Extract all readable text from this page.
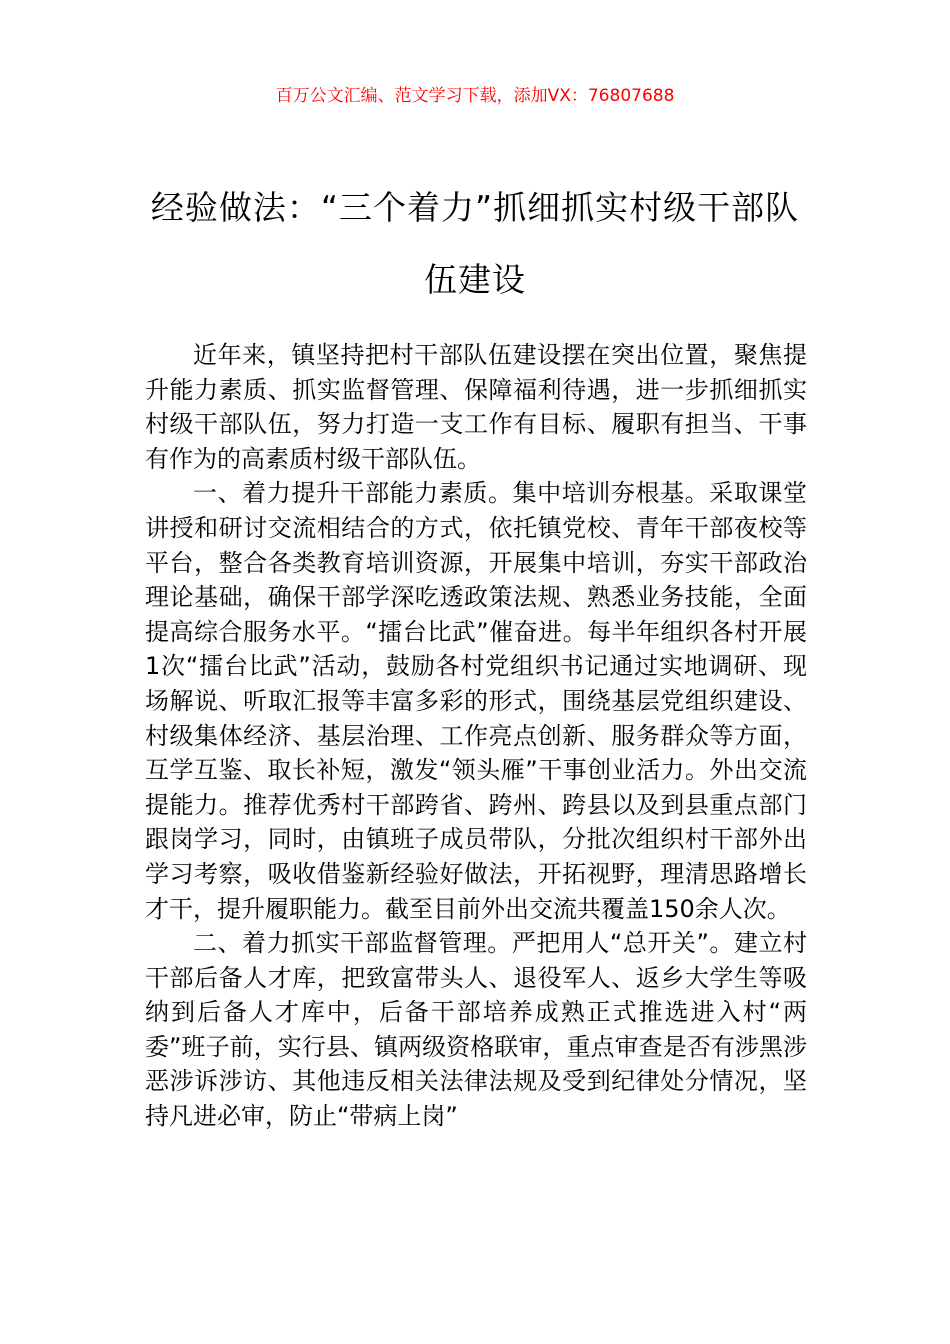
百万公文汇编、范文学习下载，添加VX：76807688
经验做法：“三个着力”抓细抓实村级干部队伍建设

近年来，镇坚持把村干部队伍建设摆在突出位置，聚焦提升能力素质、抓实监督管理、保障福利待遇，进一步抓细抓实村级干部队伍，努力打造一支工作有目标、履职有担当、干事有作为的高素质村级干部队伍。

一、着力提升干部能力素质。集中培训夯根基。采取课堂讲授和研讨交流相结合的方式，依托镇党校、青年干部夜校等平台，整合各类教育培训资源，开展集中培训，夯实干部政治理论基础，确保干部学深吃透政策法规、熟悉业务技能，全面提高综合服务水平。“擂台比武”催奋进。每半年组织各村开展1次“擂台比武”活动，鼓励各村党组织书记通过实地调研、现场解说、听取汇报等丰富多彩的形式，围绕基层党组织建设、村级集体经济、基层治理、工作亮点创新、服务群众等方面，互学互鉴、取长补短，激发“领头雁”干事创业活力。外出交流提能力。推荐优秀村干部跨省、跨州、跨县以及到县重点部门跟岗学习，同时，由镇班子成员带队，分批次组织村干部外出学习考察，吸收借鉴新经验好做法，开拓视野，理清思路增长才干，提升履职能力。截至目前外出交流共覆盖150余人次。

二、着力抓实干部监督管理。严把用人“总开关”。建立村干部后备人才库，把致富带头人、退役军人、返乡大学生等吸纳到后备人才库中，后备干部培养成熟正式推选进入村“两委”班子前，实行县、镇两级资格联审，重点审查是否有涉黑涉恶涉诉涉访、其他违反相关法律法规及受到纪律处分情况，坚持凡进必审，防止“带病上岗”
